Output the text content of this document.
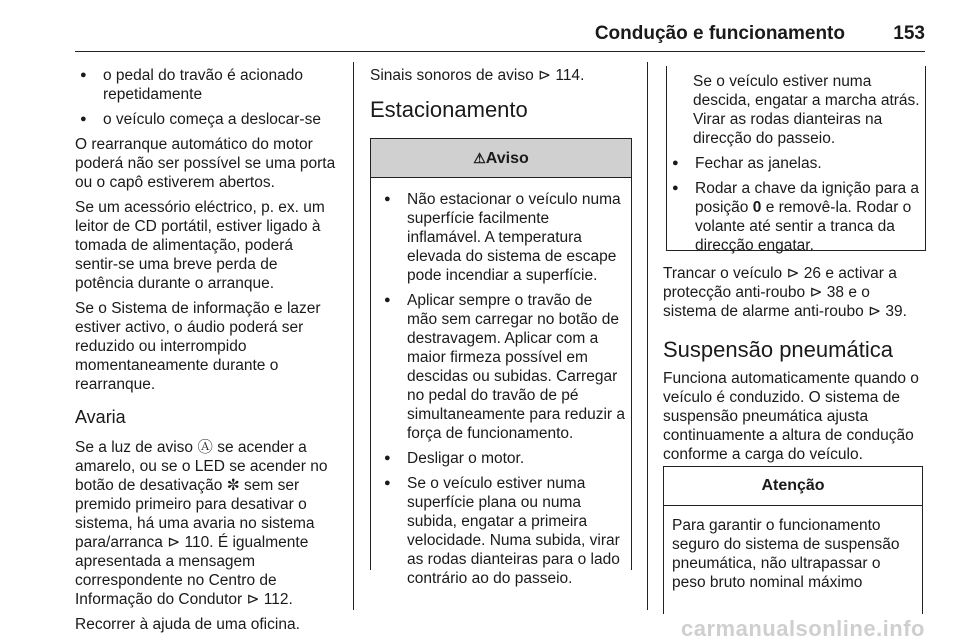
Condução e funcionamento	153
● o pedal do travão é acionado repetidamente
● o veículo começa a deslocar-se

O rearranque automático do motor poderá não ser possível se uma porta ou o capô estiverem abertos.

Se um acessório eléctrico, p. ex. um leitor de CD portátil, estiver ligado à tomada de alimentação, poderá sentir-se uma breve perda de potência durante o arranque.

Se o Sistema de informação e lazer estiver activo, o áudio poderá ser reduzido ou interrompido momentaneamente durante o rearranque.

Avaria

Se a luz de aviso Ⓐ se acender a amarelo, ou se o LED se acender no botão de desativação ✼ sem ser premido primeiro para desativar o sistema, há uma avaria no sistema para/arranca ⊳ 110. É igualmente apresentada a mensagem correspondente no Centro de Informação do Condutor ⊳ 112.

Recorrer à ajuda de uma oficina.

Sinais sonoros de aviso ⊳ 114.

Estacionamento
⚠Aviso
● Não estacionar o veículo numa superfície facilmente inflamável. A temperatura elevada do sistema de escape pode incendiar a superfície.
● Aplicar sempre o travão de mão sem carregar no botão de destravagem. Aplicar com a maior firmeza possível em descidas ou subidas. Carregar no pedal do travão de pé simultaneamente para reduzir a força de funcionamento.
● Desligar o motor.
● Se o veículo estiver numa superfície plana ou numa subida, engatar a primeira velocidade. Numa subida, virar as rodas dianteiras para o lado contrário ao do passeio.
Se o veículo estiver numa descida, engatar a marcha atrás. Virar as rodas dianteiras na direcção do passeio.
● Fechar as janelas.
● Rodar a chave da ignição para a posição 0 e removê-la. Rodar o volante até sentir a tranca da direcção engatar.

Trancar o veículo ⊳ 26 e activar a protecção anti-roubo ⊳ 38 e o sistema de alarme anti-roubo ⊳ 39.

Suspensão pneumática

Funciona automaticamente quando o veículo é conduzido. O sistema de suspensão pneumática ajusta continuamente a altura de condução conforme a carga do veículo.

Atenção
Para garantir o funcionamento seguro do sistema de suspensão pneumática, não ultrapassar o peso bruto nominal máximo
carmanualsonline.info
